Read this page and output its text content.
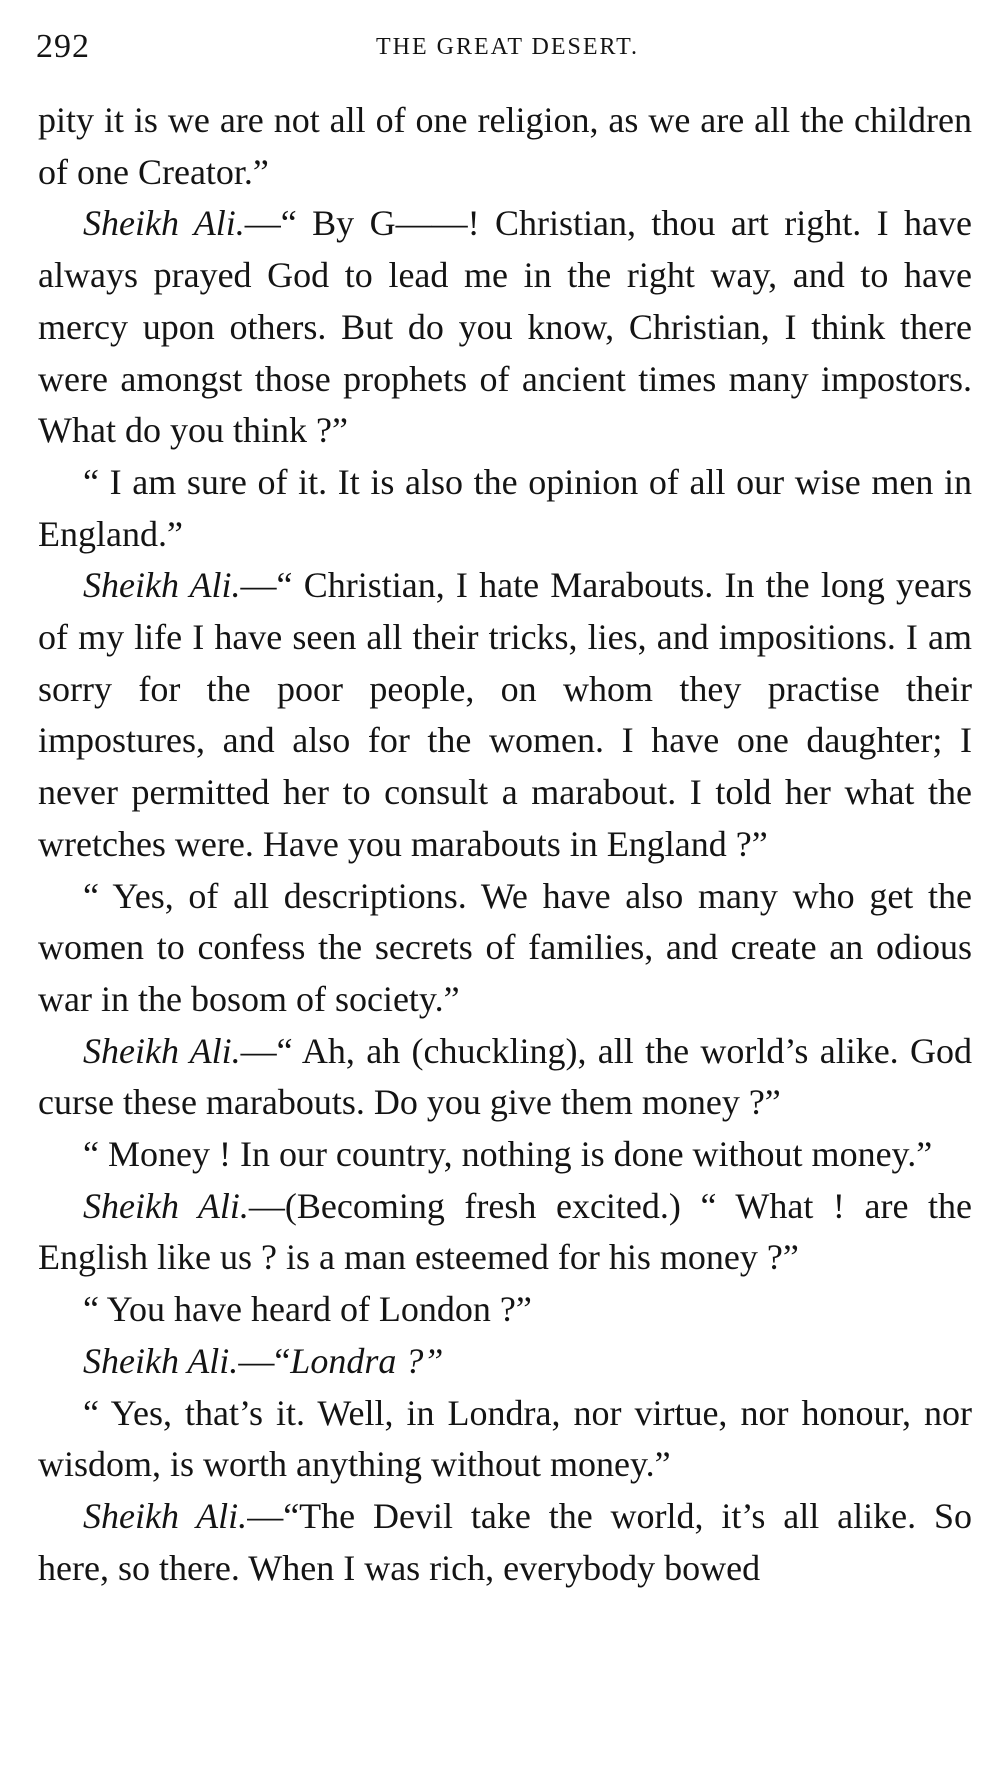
292	THE GREAT DESERT.

pity it is we are not all of one religion, as we are all the children of one Creator.”

Sheikh Ali.—“ By G——! Christian, thou art right. I have always prayed God to lead me in the right way, and to have mercy upon others. But do you know, Christian, I think there were amongst those prophets of ancient times many impostors. What do you think ?”

“ I am sure of it. It is also the opinion of all our wise men in England.”

Sheikh Ali.—“ Christian, I hate Marabouts. In the long years of my life I have seen all their tricks, lies, and impositions. I am sorry for the poor people, on whom they practise their impostures, and also for the women. I have one daughter; I never permitted her to consult a marabout. I told her what the wretches were. Have you marabouts in England ?”

“ Yes, of all descriptions. We have also many who get the women to confess the secrets of families, and create an odious war in the bosom of society.”

Sheikh Ali.—“ Ah, ah (chuckling), all the world’s alike. God curse these marabouts. Do you give them money ?”

“ Money ! In our country, nothing is done without money.”

Sheikh Ali.—(Becoming fresh excited.) “ What ! are the English like us ? is a man esteemed for his money ?”

“ You have heard of London ?”

Sheikh Ali.—“Londra ?”

“ Yes, that’s it. Well, in Londra, nor virtue, nor honour, nor wisdom, is worth anything without money.”

Sheikh Ali.—“The Devil take the world, it’s all alike. So here, so there. When I was rich, everybody bowed
